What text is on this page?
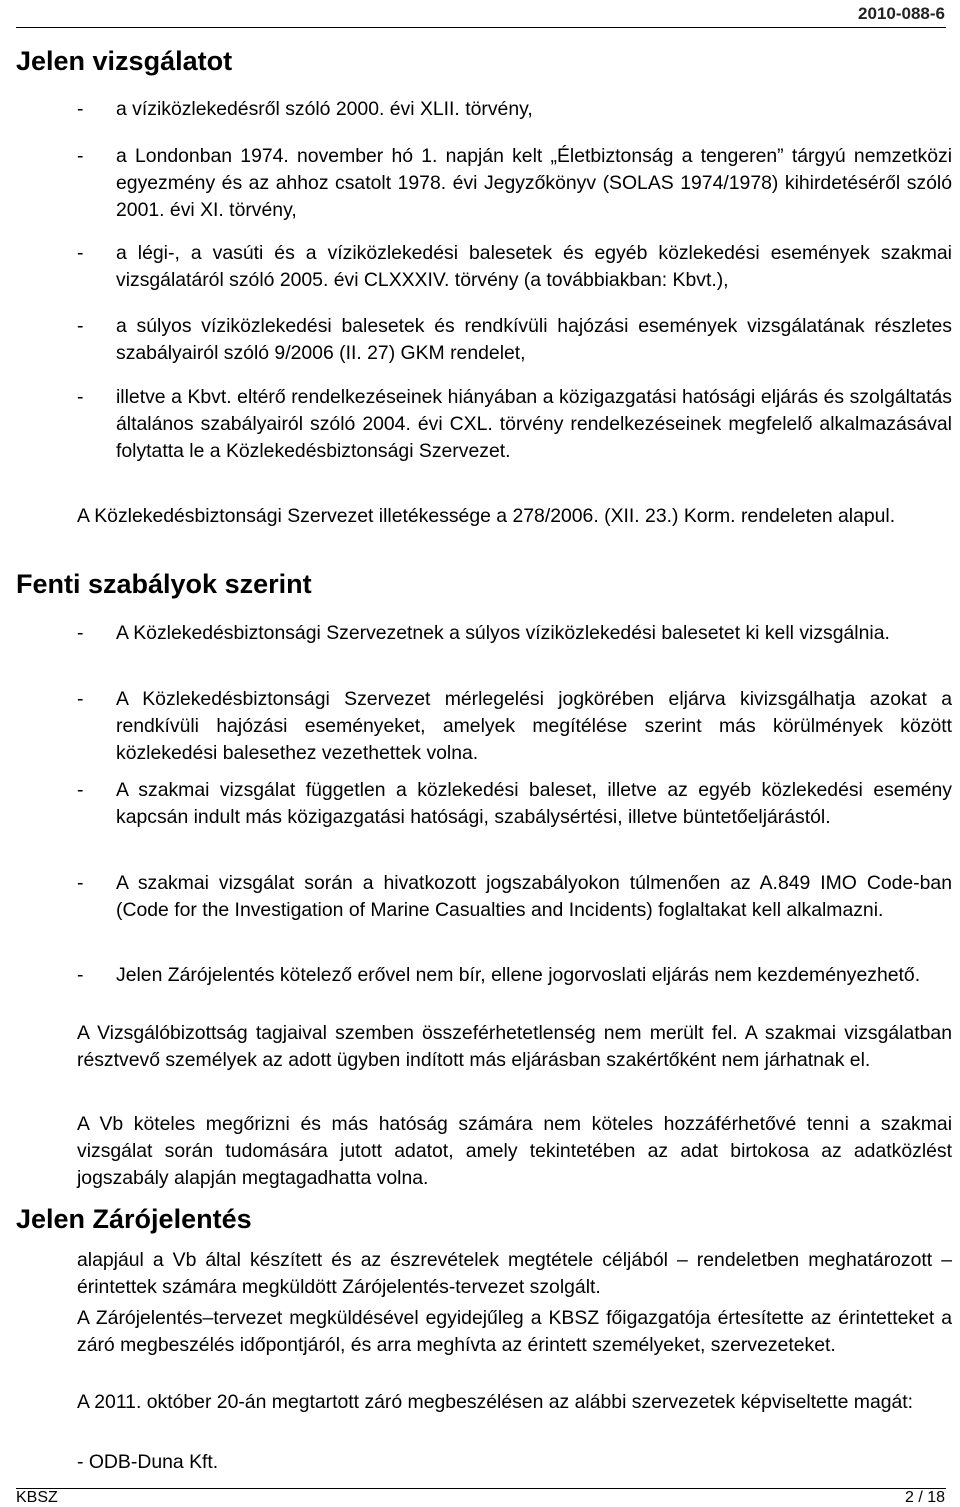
2010-088-6
Jelen vizsgálatot
- a víziközlekedésről szóló 2000. évi XLII. törvény,
- a Londonban 1974. november hó 1. napján kelt „Életbiztonság a tengeren” tárgyú nemzetközi egyezmény és az ahhoz csatolt 1978. évi Jegyzőkönyv (SOLAS 1974/1978) kihirdetéséről szóló 2001. évi XI. törvény,
- a légi-, a vasúti és a víziközlekedési balesetek és egyéb közlekedési események szakmai vizsgálatáról szóló 2005. évi CLXXXIV. törvény (a továbbiakban: Kbvt.),
- a súlyos víziközlekedési balesetek és rendkívüli hajózási események vizsgálatának részletes szabályairól szóló 9/2006 (II. 27) GKM rendelet,
- illetve a Kbvt. eltérő rendelkezéseinek hiányában a közigazgatási hatósági eljárás és szolgáltatás általános szabályairól szóló 2004. évi CXL. törvény rendelkezéseinek megfelelő alkalmazásával folytatta le a Közlekedésbiztonsági Szervezet.
A Közlekedésbiztonsági Szervezet illetékessége a 278/2006. (XII. 23.) Korm. rendeleten alapul.
Fenti szabályok szerint
- A Közlekedésbiztonsági Szervezetnek a súlyos víziközlekedési balesetet ki kell vizsgálnia.
- A Közlekedésbiztonsági Szervezet mérlegelési jogkörében eljárva kivizsgálhatja azokat a rendkívüli hajózási eseményeket, amelyek megítélése szerint más körülmények között közlekedési balesethez vezethettek volna.
- A szakmai vizsgálat független a közlekedési baleset, illetve az egyéb közlekedési esemény kapcsán indult más közigazgatási hatósági, szabálysértési, illetve büntetőeljárástól.
- A szakmai vizsgálat során a hivatkozott jogszabályokon túlmenően az A.849 IMO Code-ban (Code for the Investigation of Marine Casualties and Incidents) foglaltakat kell alkalmazni.
- Jelen Zárójelentés kötelező erővel nem bír, ellene jogorvoslati eljárás nem kezdeményezhető.
A Vizsgálóbizottság tagjaival szemben összeférhetetlenség nem merült fel. A szakmai vizsgálatban résztvevő személyek az adott ügyben indított más eljárásban szakértőként nem járhatnak el.
A Vb köteles megőrizni és más hatóság számára nem köteles hozzáférhetővé tenni a szakmai vizsgálat során tudomására jutott adatot, amely tekintetében az adat birtokosa az adatközlést jogszabály alapján megtagadhatta volna.
Jelen Zárójelentés
alapjául a Vb által készített és az észrevételek megtétele céljából – rendeletben meghatározott – érintettek számára megküldött Zárójelentés-tervezet szolgált.
A Zárójelentés–tervezet megküldésével egyidejűleg a KBSZ főigazgatója értesítette az érintetteket a záró megbeszélés időpontjáról, és arra meghívta az érintett személyeket, szervezeteket.
A 2011. október 20-án megtartott záró megbeszélésen az alábbi szervezetek képviseltette magát:
- ODB-Duna Kft.
KBSZ	2 / 18
